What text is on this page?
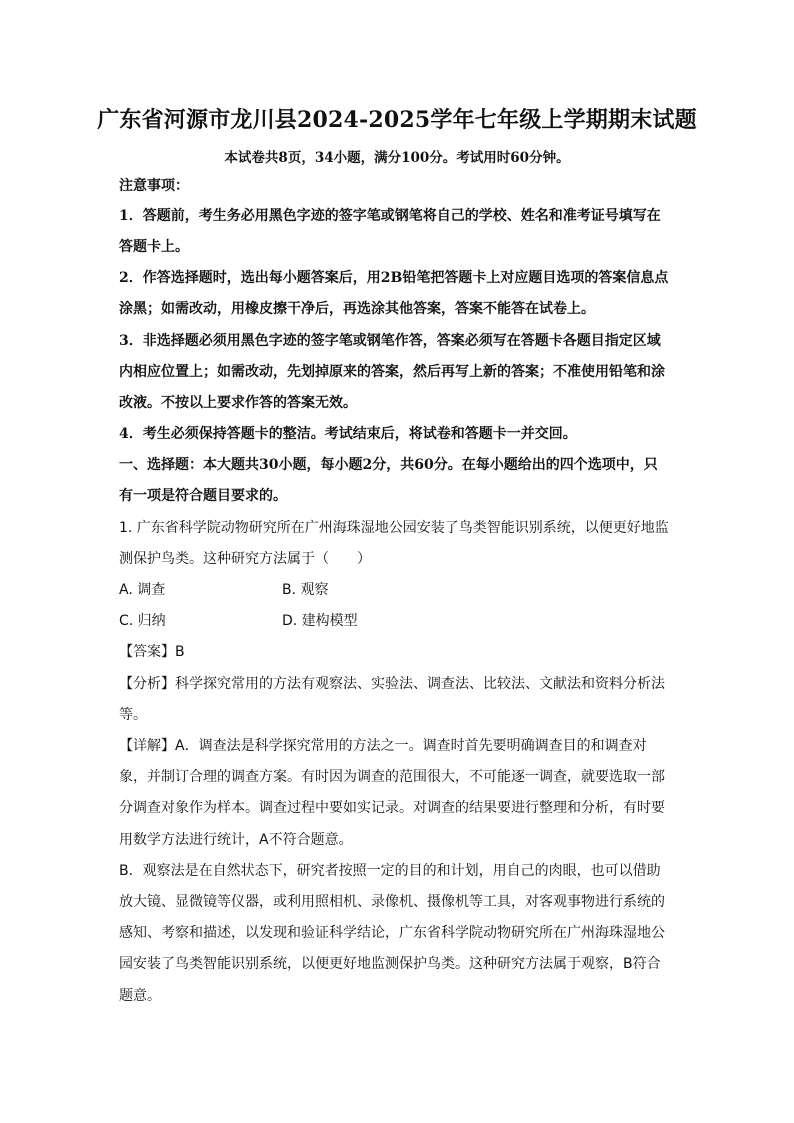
广东省河源市龙川县2024-2025学年七年级上学期期末试题
本试卷共8页，34小题，满分100分。考试用时60分钟。
注意事项：
1．答题前，考生务必用黑色字迹的签字笔或钢笔将自己的学校、姓名和准考证号填写在
答题卡上。
2．作答选择题时，选出每小题答案后，用2B铅笔把答题卡上对应题目选项的答案信息点
涂黑；如需改动，用橡皮擦干净后，再选涂其他答案，答案不能答在试卷上。
3．非选择题必须用黑色字迹的签字笔或钢笔作答，答案必须写在答题卡各题目指定区域
内相应位置上；如需改动，先划掉原来的答案，然后再写上新的答案；不准使用铅笔和涂
改液。不按以上要求作答的答案无效。
4．考生必须保持答题卡的整洁。考试结束后，将试卷和答题卡一并交回。
一、选择题：本大题共30小题，每小题2分，共60分。在每小题给出的四个选项中，只
有一项是符合题目要求的。
1. 广东省科学院动物研究所在广州海珠湿地公园安装了鸟类智能识别系统，以便更好地监
测保护鸟类。这种研究方法属于（　　）
A. 调查	B. 观察
C. 归纳	D. 建构模型
【答案】B
【分析】科学探究常用的方法有观察法、实验法、调查法、比较法、文献法和资料分析法
等。
【详解】A．调查法是科学探究常用的方法之一。调查时首先要明确调查目的和调查对
象，并制订合理的调查方案。有时因为调查的范围很大，不可能逐一调查，就要选取一部
分调查对象作为样本。调查过程中要如实记录。对调查的结果要进行整理和分析，有时要
用数学方法进行统计，A不符合题意。
B．观察法是在自然状态下，研究者按照一定的目的和计划，用自己的肉眼，也可以借助
放大镜、显微镜等仪器，或利用照相机、录像机、摄像机等工具，对客观事物进行系统的
感知、考察和描述，以发现和验证科学结论，广东省科学院动物研究所在广州海珠湿地公
园安装了鸟类智能识别系统，以便更好地监测保护鸟类。这种研究方法属于观察，B符合
题意。
